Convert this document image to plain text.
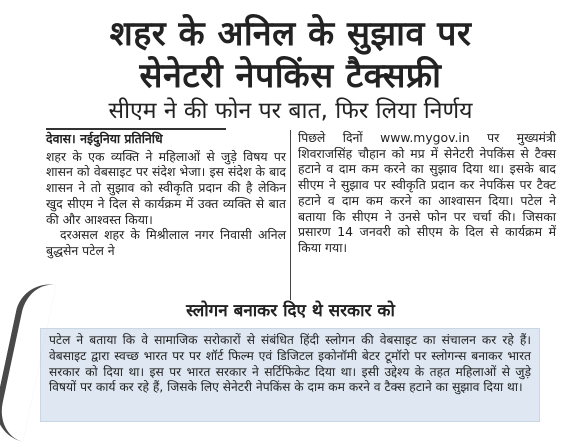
शहर के अनिल के सुझाव पर
सेनेटरी नेपकिंस टैक्सफ्री
सीएम ने की फोन पर बात, फिर लिया निर्णय
देवास। नईदुनिया प्रतिनिधि

शहर के एक व्यक्ति ने महिलाओं से जुड़े विषय पर शासन को वेबसाइट पर संदेश भेजा। इस संदेश के बाद शासन ने तो सुझाव को स्वीकृति प्रदान की है लेकिन खुद सीएम ने दिल से कार्यक्रम में उक्त व्यक्ति से बात की और आश्वस्त किया।

दरअसल शहर के मिश्रीलाल नगर निवासी अनिल बुद्धसेन पटेल ने

पिछले दिनों www.mygov.in पर मुख्यमंत्री शिवराजसिंह चौहान को मप्र में सेनेटरी नेपकिंस से टैक्स हटाने व दाम कम करने का सुझाव दिया था। इसके बाद सीएम ने सुझाव पर स्वीकृति प्रदान कर नेपकिंस पर टैक्ट हटाने व दाम कम करने का आश्वासन दिया। पटेल ने बताया कि सीएम ने उनसे फोन पर चर्चा की। जिसका प्रसारण 14 जनवरी को सीएम के दिल से कार्यक्रम में किया गया।

स्लोगन बनाकर दिए थे सरकार को

पटेल ने बताया कि वे सामाजिक सरोकारों से संबंधित हिंदी स्लोगन की वेबसाइट का संचालन कर रहे हैं। वेबसाइट द्वारा स्वच्छ भारत पर पर शॉर्ट फिल्म एवं डिजिटल इकोनॉमी बेटर टूमॉरो पर स्लोगन्स बनाकर भारत सरकार को दिया था। इस पर भारत सरकार ने सर्टिफिकेट दिया था। इसी उद्देश्य के तहत महिलाओं से जुड़े विषयों पर कार्य कर रहे हैं, जिसके लिए सेनेटरी नेपकिंस के दाम कम करने व टैक्स हटाने का सुझाव दिया था।
